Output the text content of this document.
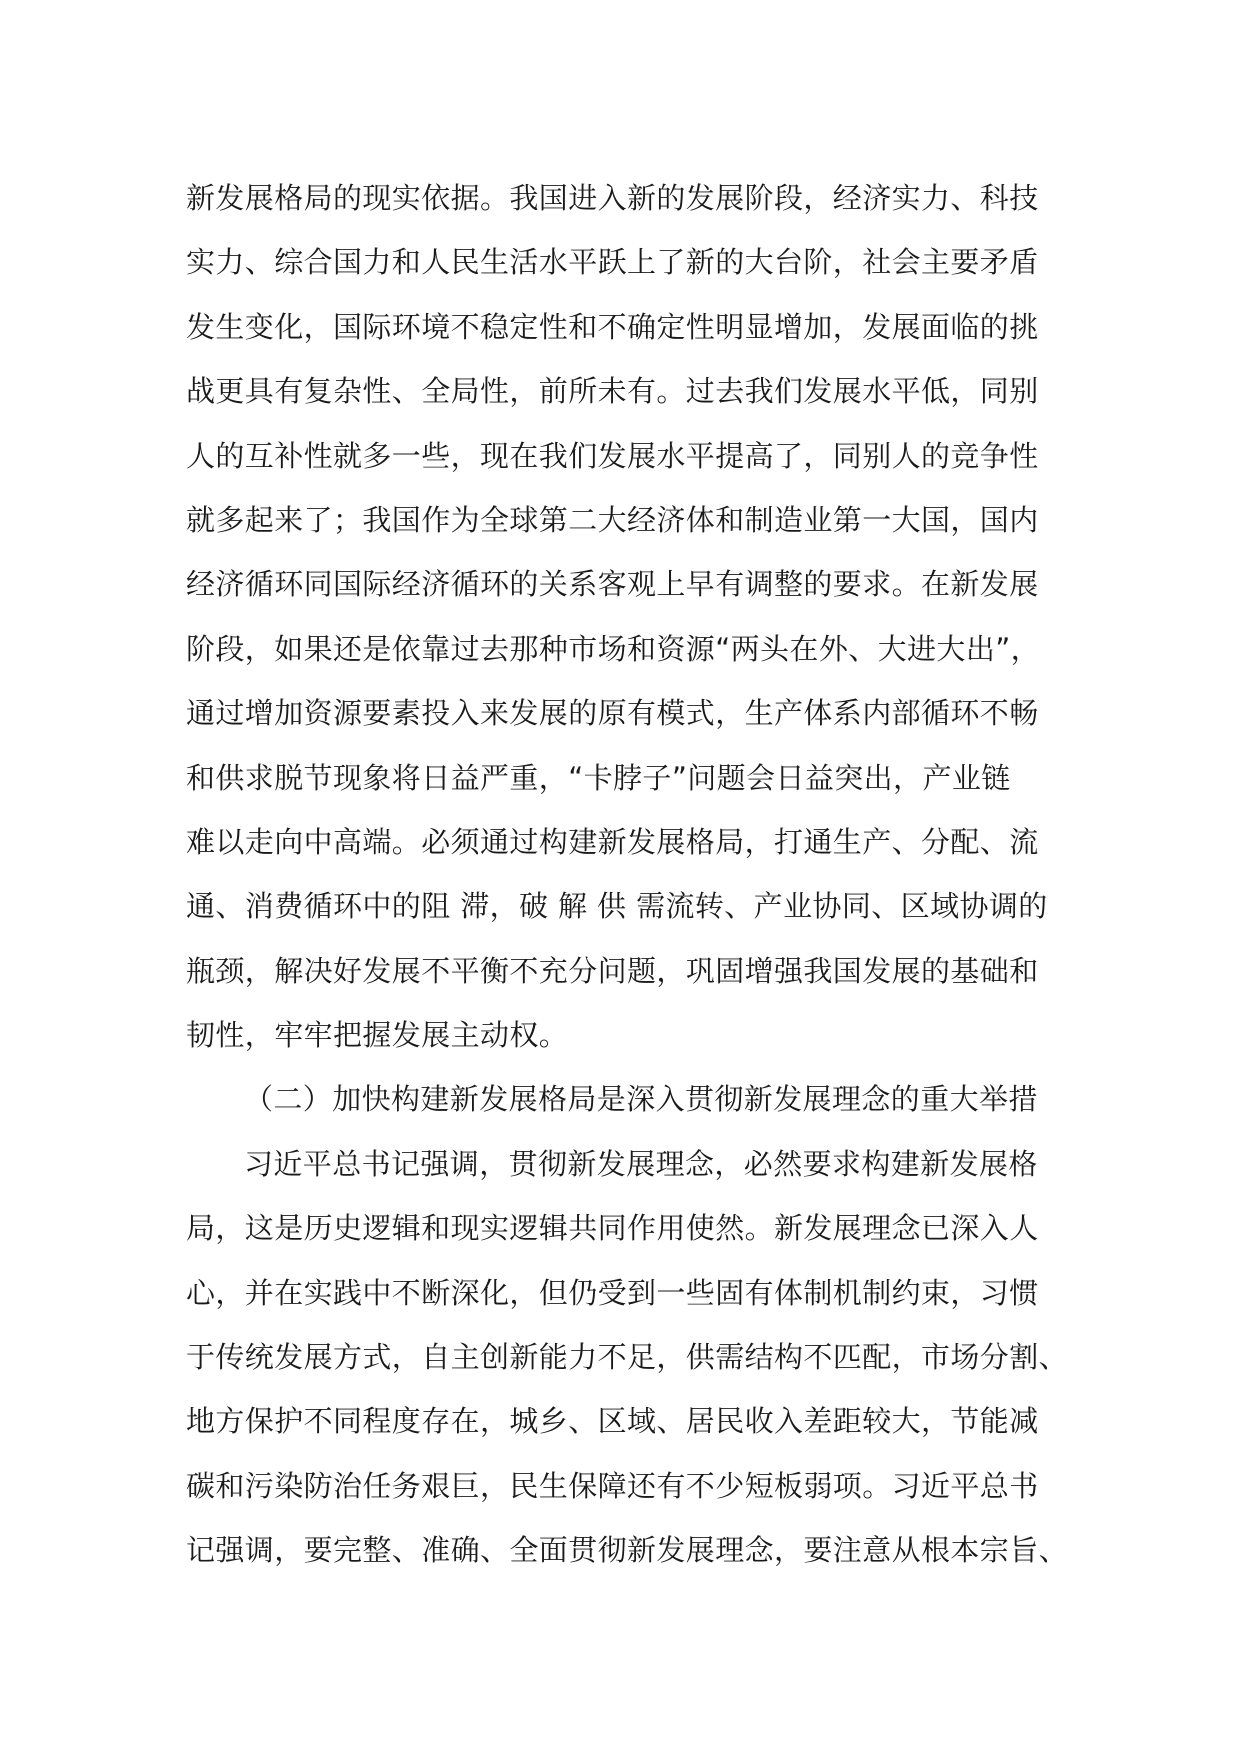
新发展格局的现实依据。我国进入新的发展阶段，经济实力、科技
实力、综合国力和人民生活水平跃上了新的大台阶，社会主要矛盾
发生变化，国际环境不稳定性和不确定性明显增加，发展面临的挑
战更具有复杂性、全局性，前所未有。过去我们发展水平低，同别
人的互补性就多一些，现在我们发展水平提高了，同别人的竞争性
就多起来了；我国作为全球第二大经济体和制造业第一大国，国内
经济循环同国际经济循环的关系客观上早有调整的要求。在新发展
阶段，如果还是依靠过去那种市场和资源“两头在外、大进大出”，
通过增加资源要素投入来发展的原有模式，生产体系内部循环不畅
和供求脱节现象将日益严重，“卡脖子”问题会日益突出，产业链
难以走向中高端。必须通过构建新发展格局，打通生产、分配、流
通、消费循环中的阻 滞，破 解 供 需流转、产业协同、区域协调的
瓶颈，解决好发展不平衡不充分问题，巩固增强我国发展的基础和
韧性，牢牢把握发展主动权。
（二）加快构建新发展格局是深入贯彻新发展理念的重大举措
习近平总书记强调，贯彻新发展理念，必然要求构建新发展格
局，这是历史逻辑和现实逻辑共同作用使然。新发展理念已深入人
心，并在实践中不断深化，但仍受到一些固有体制机制约束，习惯
于传统发展方式，自主创新能力不足，供需结构不匹配，市场分割、
地方保护不同程度存在，城乡、区域、居民收入差距较大，节能减
碳和污染防治任务艰巨，民生保障还有不少短板弱项。习近平总书
记强调，要完整、准确、全面贯彻新发展理念，要注意从根本宗旨、
